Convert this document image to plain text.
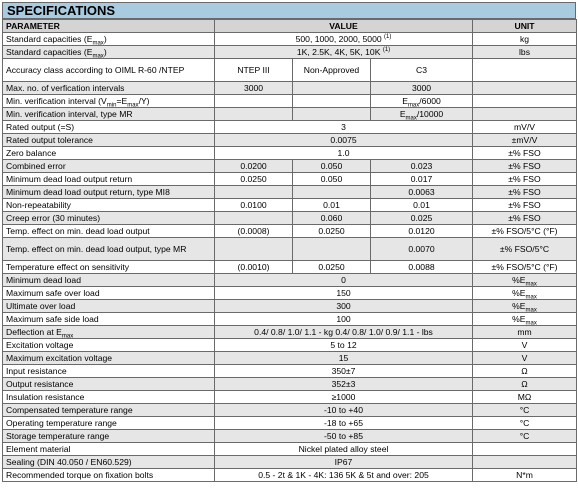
SPECIFICATIONS
PARAMETER	VALUE			UNIT
Standard capacities $(E_{max})$	500, 1000, 2000, 5000 $^{(1)}$			kg
Standard capacities $(E_{max})$	1K, 2.5K, 4K, 5K, 10K $^{(1)}$			lbs
Accuracy class according to OIML R-60 /NTEP	NTEP III	Non-Approved	C3	
Max. no. of verfication intervals	3000		3000	
Min. verification interval $(V_{min}=E_{max}/Y)$			$E_{max}/6000$	
Min. verification interval, type MR			$E_{max}/10000$	
Rated output (=S)	3			mV/V
Rated output tolerance	0.0075			±mV/V
Zero balance	1.0			±% FSO
Combined error	0.0200	0.050	0.023	±% FSO
Minimum dead load output return	0.0250	0.050	0.017	±% FSO
Minimum dead load output return, type MI8			0.0063	±% FSO
Non-repeatability	0.0100	0.01	0.01	±% FSO
Creep error (30 minutes)		0.060	0.025	±% FSO
Temp. effect on min. dead load output	(0.0008)	0.0250	0.0120	±% FSO/5°C (°F)
Temp. effect on min. dead load output, type MR			0.0070	±% FSO/5°C
Temperature effect on sensitivity	(0.0010)	0.0250	0.0088	±% FSO/5°C (°F)
Minimum dead load	0			$\%E_{max}$
Maximum safe over load	150			$\%E_{max}$
Ultimate over load	300			$\%E_{max}$
Maximum safe side load	100			$\%E_{max}$
Deflection at $E_{max}$	0.4/ 0.8/ 1.0/ 1.1 - kg 0.4/ 0.8/ 1.0/ 0.9/ 1.1 - lbs			mm
Excitation voltage	5 to 12			V
Maximum excitation voltage	15			V
Input resistance	350±7			Ω
Output resistance	352±3			Ω
Insulation resistance	≥1000			MΩ
Compensated temperature range	-10 to +40			°C
Operating temperature range	-18 to +65			°C
Storage temperature range	-50 to +85			°C
Element material	Nickel plated alloy steel			
Sealing (DIN 40.050 / EN60.529)	IP67			
Recommended torque on fixation bolts	0.5 - 2t & 1K - 4K: 136 5K & 5t and over: 205			N*m
